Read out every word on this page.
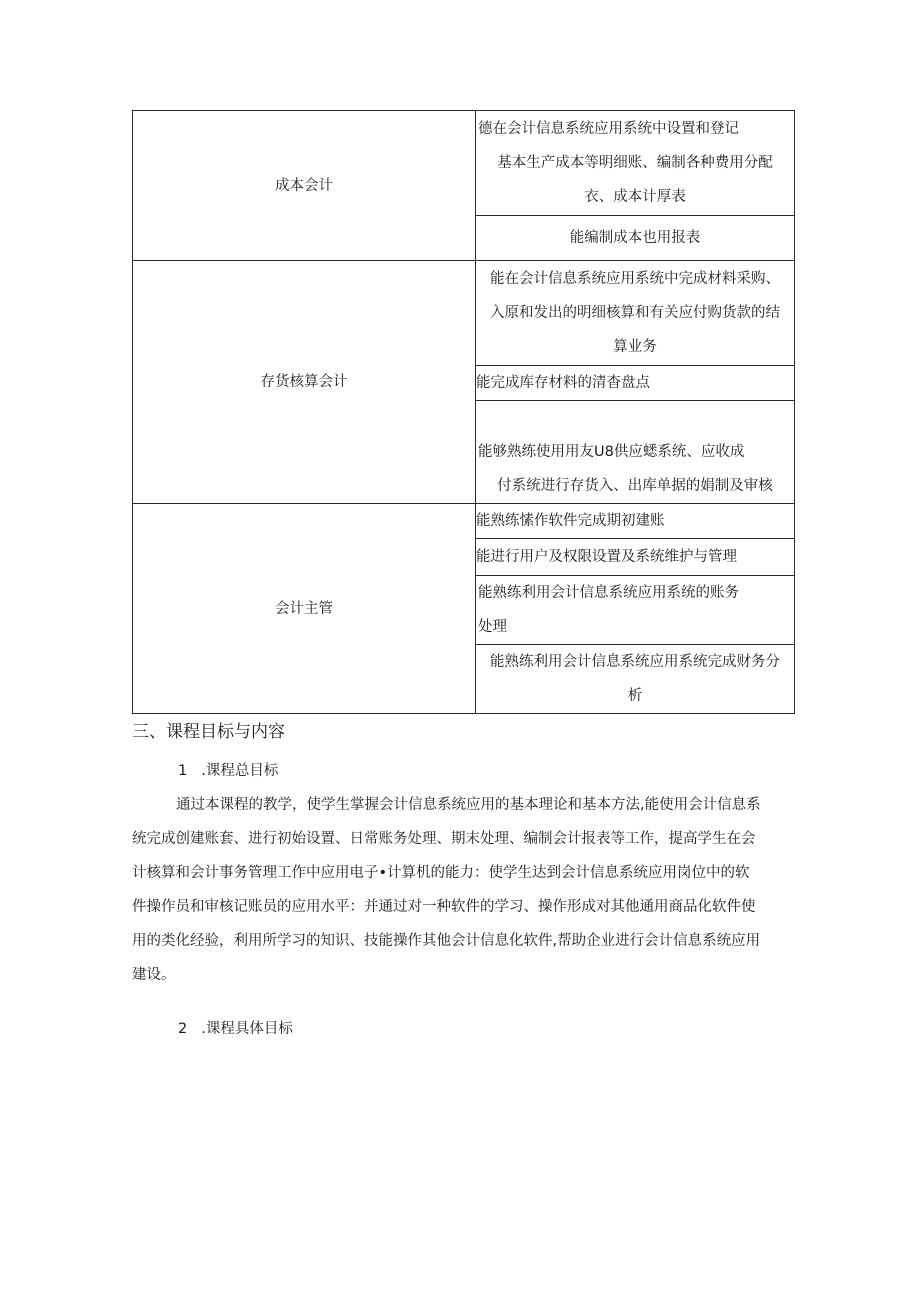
成本会计	德在会计信息系统应用系统中设置和登记
基本生产成本等明细账、编制各种费用分配
衣、成本计厚表

	能编制成本也用报表
存货核算会计	能在会计信息系统应用系统中完成材料采购、
入原和发出的明细核算和有关应付购货款的结
算业务

	能完成库存材料的清杳盘点

	能够熟练使用用友U8供应蟋系统、应收成
付系统进行存货入、出库单据的娟制及审核

会计主管	能熟练愫作软件完成期初建账
	能进行用户及权限设置及系统维护与管理

	能熟练利用会计信息系统应用系统的账务
处理

	能熟练利用会计信息系统应用系统完成财务分
析
三、课程目标与内容
1 .课程总目标
通过本课程的教学，使学生掌握会计信息系统应用的基本理论和基本方法,能使用会计信息系
统完成创建账套、进行初始设置、日常账务处理、期末处理、编制会计报表等工作，提高学生在会
计核算和会计事务管理工作中应用电子•计算机的能力：使学生达到会计信息系统应用岗位中的软
件操作员和审核记账员的应用水平：并通过对一种软件的学习、操作形成对其他通用商品化软件使
用的类化经验，利用所学习的知识、技能操作其他会计信息化软件,帮助企业进行会计信息系统应用
建设。
2 .课程具体目标
